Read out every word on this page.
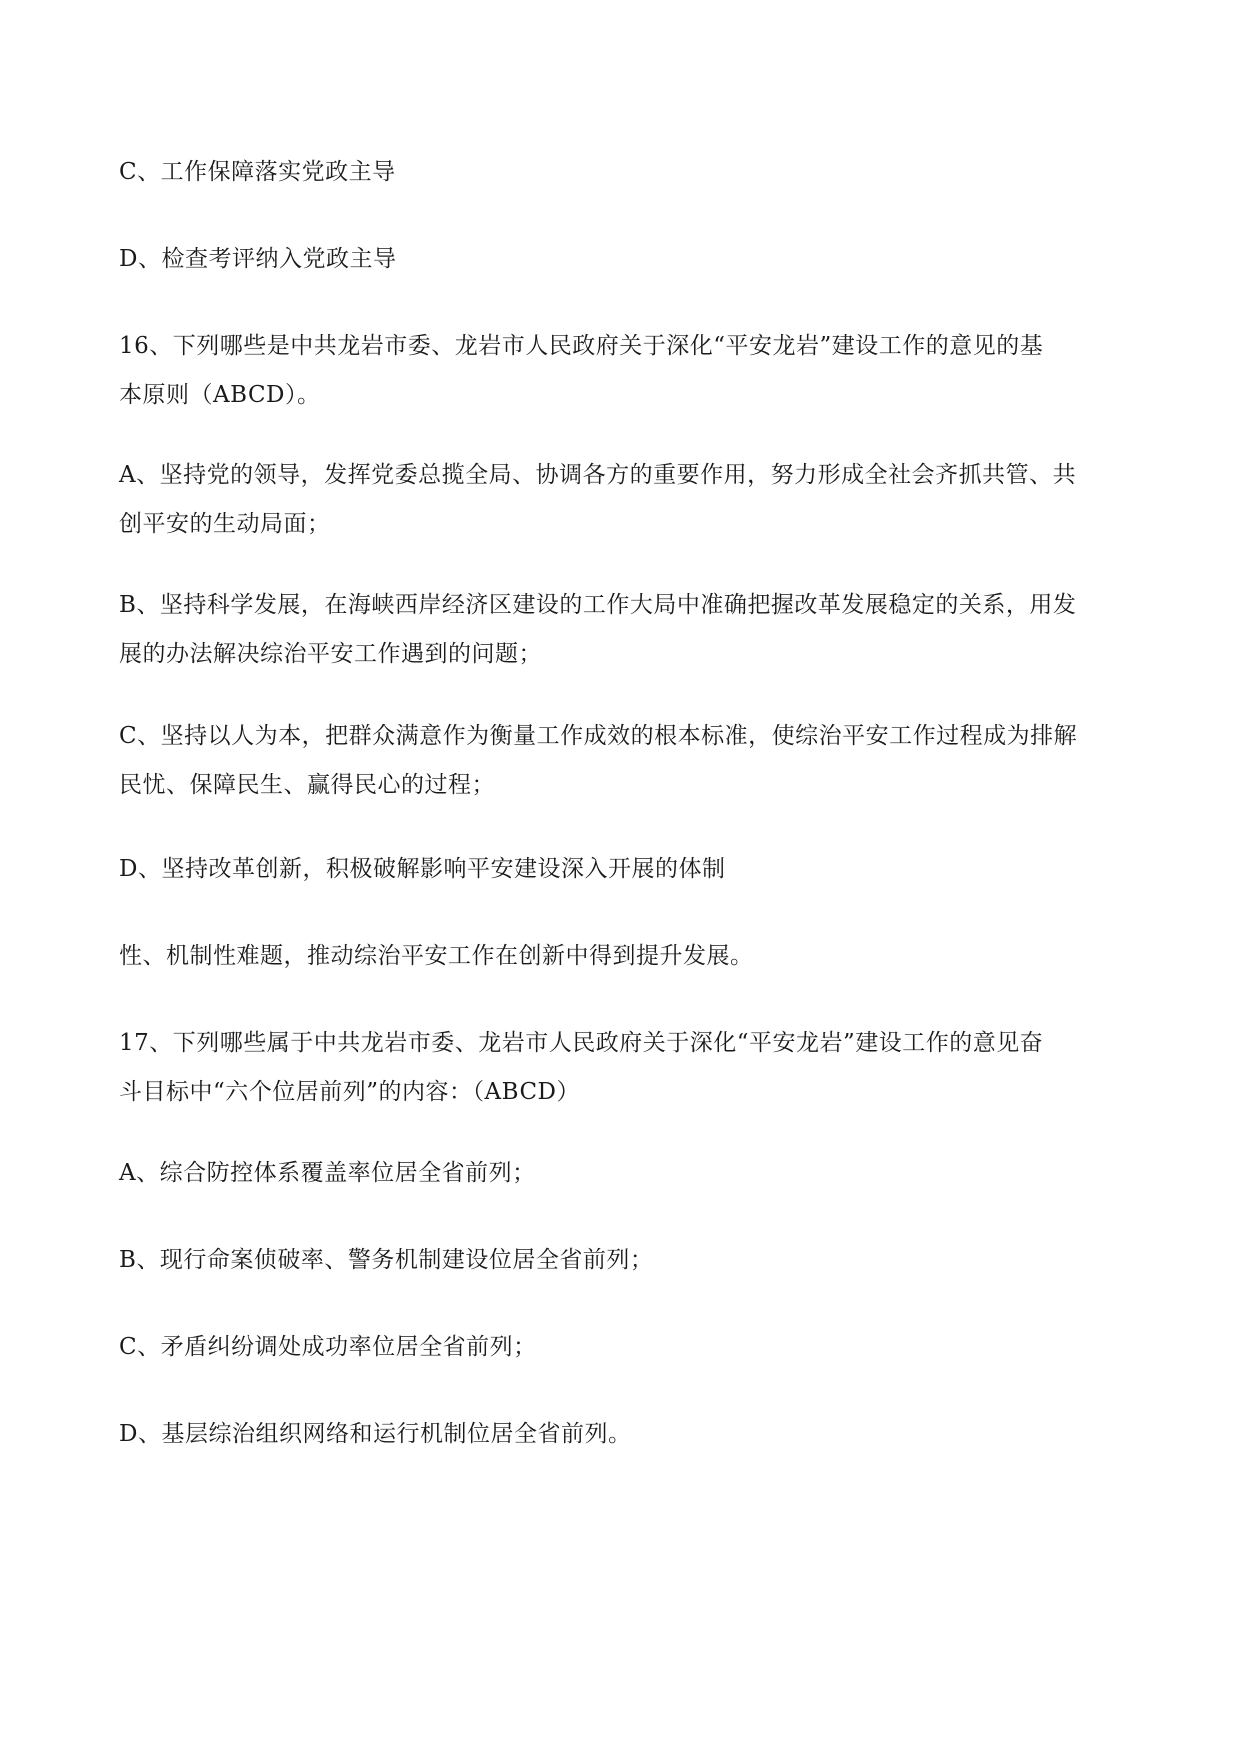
C、工作保障落实党政主导
D、检查考评纳入党政主导
16、下列哪些是中共龙岩市委、龙岩市人民政府关于深化“平安龙岩”建设工作的意见的基
本原则（ABCD）。
A、坚持党的领导，发挥党委总揽全局、协调各方的重要作用，努力形成全社会齐抓共管、共
创平安的生动局面；
B、坚持科学发展，在海峡西岸经济区建设的工作大局中准确把握改革发展稳定的关系，用发
展的办法解决综治平安工作遇到的问题；
C、坚持以人为本，把群众满意作为衡量工作成效的根本标准，使综治平安工作过程成为排解
民忧、保障民生、赢得民心的过程；
D、坚持改革创新，积极破解影响平安建设深入开展的体制
性、机制性难题，推动综治平安工作在创新中得到提升发展。
17、下列哪些属于中共龙岩市委、龙岩市人民政府关于深化“平安龙岩”建设工作的意见奋
斗目标中“六个位居前列”的内容：（ABCD）
A、综合防控体系覆盖率位居全省前列；
B、现行命案侦破率、警务机制建设位居全省前列；
C、矛盾纠纷调处成功率位居全省前列；
D、基层综治组织网络和运行机制位居全省前列。
